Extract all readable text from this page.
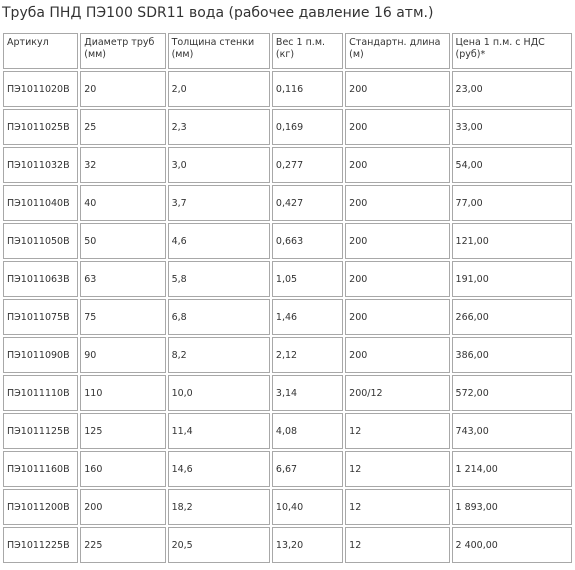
Труба ПНД ПЭ100 SDR11 вода (рабочее давление 16 атм.)
Артикул	Диаметр труб (мм)	Толщина стенки (мм)	Вес 1 п.м. (кг)	Стандартн. длина (м)	Цена 1 п.м. с НДС (руб)*
ПЭ1011020В	20	2,0	0,116	200	23,00
ПЭ1011025В	25	2,3	0,169	200	33,00
ПЭ1011032В	32	3,0	0,277	200	54,00
ПЭ1011040В	40	3,7	0,427	200	77,00
ПЭ1011050В	50	4,6	0,663	200	121,00
ПЭ1011063В	63	5,8	1,05	200	191,00
ПЭ1011075В	75	6,8	1,46	200	266,00
ПЭ1011090В	90	8,2	2,12	200	386,00
ПЭ1011110В	110	10,0	3,14	200/12	572,00
ПЭ1011125В	125	11,4	4,08	12	743,00
ПЭ1011160В	160	14,6	6,67	12	1 214,00
ПЭ1011200В	200	18,2	10,40	12	1 893,00
ПЭ1011225В	225	20,5	13,20	12	2 400,00
